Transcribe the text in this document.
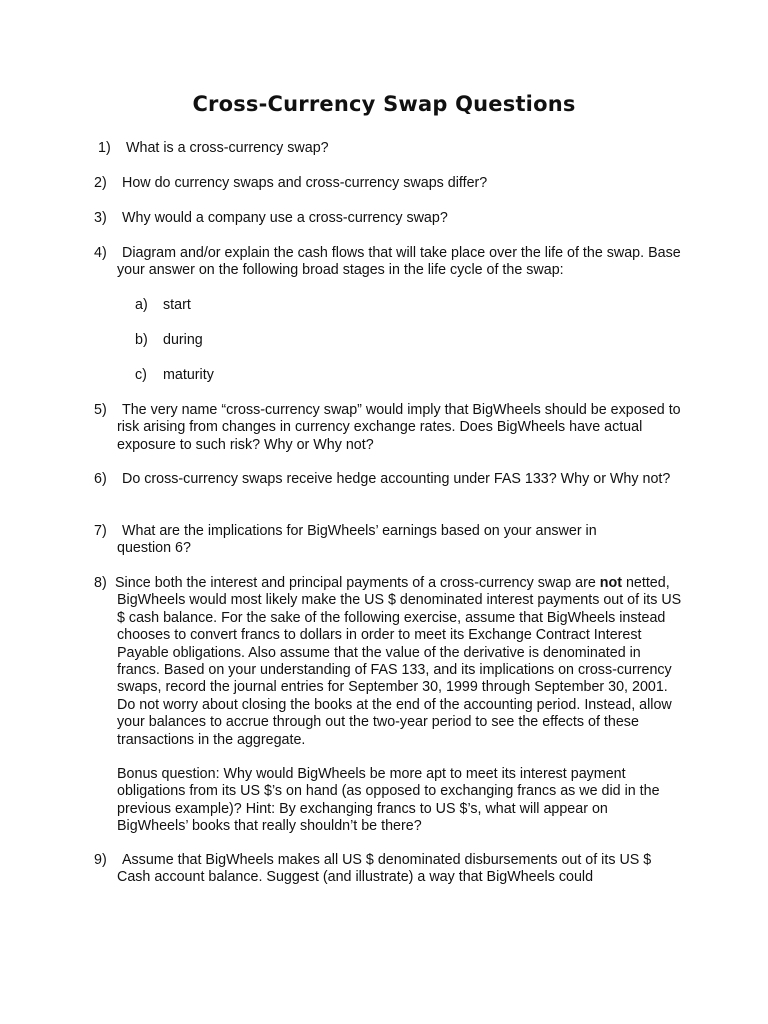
Cross-Currency Swap Questions
1)	What is a cross-currency swap?
2)	How do currency swaps and cross-currency swaps differ?
3)	Why would a company use a cross-currency swap?
4)	Diagram and/or explain the cash flows that will take place over the life of the swap. Base your answer on the following broad stages in the life cycle of the swap:
a) start
b) during
c) maturity
5)	The very name “cross-currency swap” would imply that BigWheels should be exposed to risk arising from changes in currency exchange rates. Does BigWheels have actual exposure to such risk? Why or Why not?
6)	Do cross-currency swaps receive hedge accounting under FAS 133? Why or Why not?
7)	What are the implications for BigWheels’ earnings based on your answer in question 6?
8) Since both the interest and principal payments of a cross-currency swap are not netted, BigWheels would most likely make the US $ denominated interest payments out of its US $ cash balance. For the sake of the following exercise, assume that BigWheels instead chooses to convert francs to dollars in order to meet its Exchange Contract Interest Payable obligations. Also assume that the value of the derivative is denominated in francs. Based on your understanding of FAS 133, and its implications on cross-currency swaps, record the journal entries for September 30, 1999 through September 30, 2001. Do not worry about closing the books at the end of the accounting period. Instead, allow your balances to accrue through out the two-year period to see the effects of these transactions in the aggregate.
Bonus question: Why would BigWheels be more apt to meet its interest payment obligations from its US $’s on hand (as opposed to exchanging francs as we did in the previous example)? Hint: By exchanging francs to US $’s, what will appear on BigWheels’ books that really shouldn’t be there?
9)	Assume that BigWheels makes all US $ denominated disbursements out of its US $ Cash account balance. Suggest (and illustrate) a way that BigWheels could
